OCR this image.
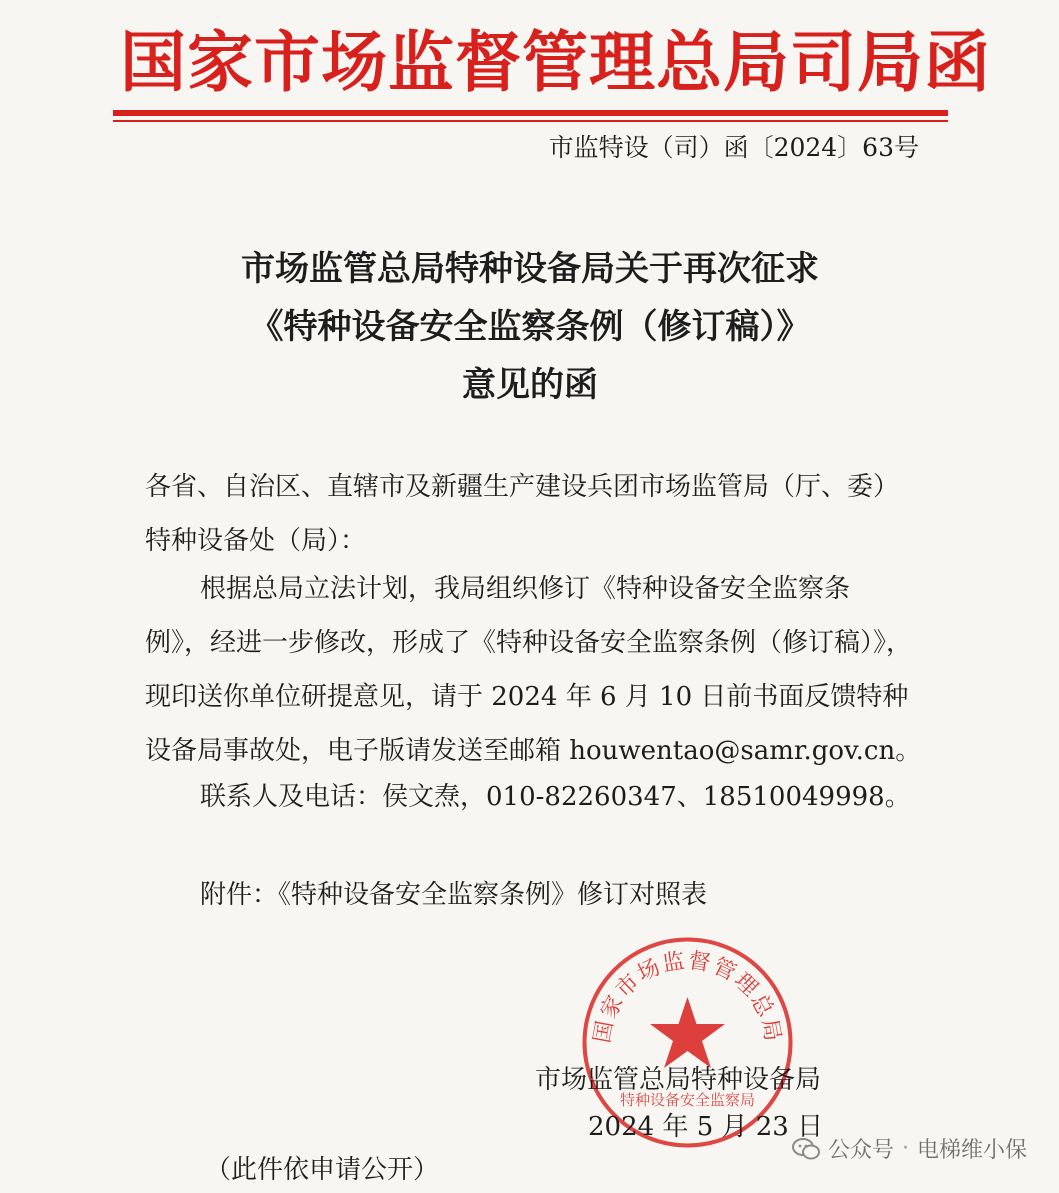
国家市场监督管理总局司局函
市监特设（司）函〔2024〕63号
市场监管总局特种设备局关于再次征求
《特种设备安全监察条例（修订稿）》
意见的函
各省、自治区、直辖市及新疆生产建设兵团市场监管局（厅、委）
特种设备处（局）：
根据总局立法计划，我局组织修订《特种设备安全监察条
例》，经进一步修改，形成了《特种设备安全监察条例（修订稿）》，
现印送你单位研提意见，请于 2024 年 6 月 10 日前书面反馈特种
设备局事故处，电子版请发送至邮箱 houwentao@samr.gov.cn。
联系人及电话：侯文焘，010-82260347、18510049998。
附件：《特种设备安全监察条例》修订对照表
国家市场监督管理总局
特种设备安全监察局
市场监管总局特种设备局
2024 年 5 月 23 日
（此件依申请公开）
公众号 · 电梯维小保
